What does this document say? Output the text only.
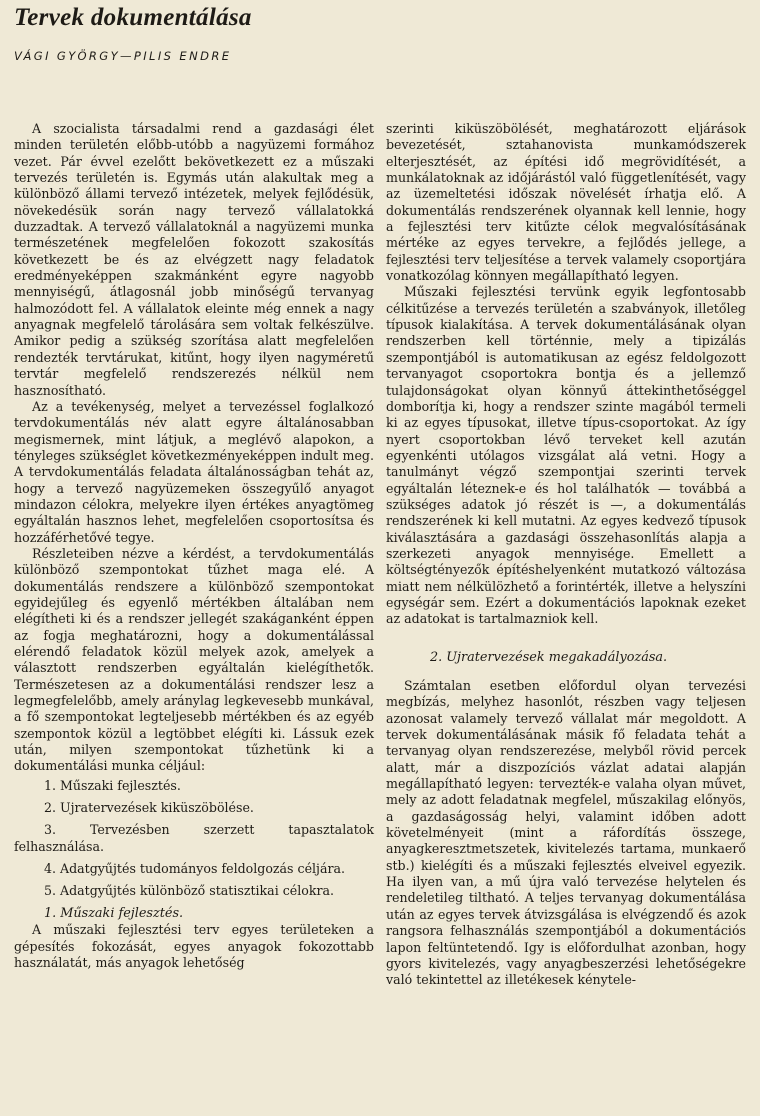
Tervek dokumentálása
VÁGI GYÖRGY—PILIS ENDRE

A szocialista társadalmi rend a gazdasági élet minden területén előbb-utóbb a nagyüzemi formához vezet. Pár évvel ezelőtt bekövetkezett ez a műszaki tervezés területén is. Egymás után alakultak meg a különböző állami tervező intézetek, melyek fejlődésük, növekedésük során nagy tervező vállalatokká duzzadtak. A tervező vállalatoknál a nagyüzemi munka természetének megfelelően fokozott szakosítás következett be és az elvégzett nagy feladatok eredményeképpen szakmánként egyre nagyobb mennyiségű, átlagosnál jobb minőségű tervanyag halmozódott fel. A vállalatok eleinte még ennek a nagy anyagnak megfelelő tárolására sem voltak felkészülve. Amikor pedig a szükség szorítása alatt megfelelően rendezték tervtárukat, kitűnt, hogy ilyen nagyméretű tervtár megfelelő rendszerezés nélkül nem hasznosítható.

Az a tevékenység, melyet a tervezéssel foglalkozó tervdokumentálás név alatt egyre általánosabban megismernek, mint látjuk, a meglévő alapokon, a tényleges szükséglet következményeképpen indult meg. A tervdokumentálás feladata általánosságban tehát az, hogy a tervező nagyüzemeken összegyűlő anyagot mindazon célokra, melyekre ilyen értékes anyagtömeg egyáltalán hasznos lehet, megfelelően csoportosítsa és hozzáférhetővé tegye.

Részleteiben nézve a kérdést, a tervdokumentálás különböző szempontokat tűzhet maga elé. A dokumentálás rendszere a különböző szempontokat egyidejűleg és egyenlő mértékben általában nem elégítheti ki és a rendszer jellegét szakáganként éppen az fogja meghatározni, hogy a dokumentálással elérendő feladatok közül melyek azok, amelyek a választott rendszerben egyáltalán kielégíthetők. Természetesen az a dokumentálási rendszer lesz a legmegfelelőbb, amely aránylag legkevesebb munkával, a fő szempontokat legteljesebb mértékben és az egyéb szempontok közül a legtöbbet elégíti ki. Lássuk ezek után, milyen szempontokat tűzhetünk ki a dokumentálási munka céljául:

1. Műszaki fejlesztés.
2. Ujratervezések kiküszöbölése.
3. Tervezésben szerzett tapasztalatok felhasználása.
4. Adatgyűjtés tudományos feldolgozás céljára.
5. Adatgyűjtés különböző statisztikai célokra.

1. Műszaki fejlesztés.

A műszaki fejlesztési terv egyes területeken a gépesítés fokozását, egyes anyagok fokozottabb használatát, más anyagok lehetőség

szerinti kiküszöbölését, meghatározott eljárások bevezetését, sztahanovista munkamódszerek elterjesztését, az építési idő megrövidítését, a munkálatoknak az időjárástól való függetlenítését, vagy az üzemeltetési időszak növelését írhatja elő. A dokumentálás rendszerének olyannak kell lennie, hogy a fejlesztési terv kitűzte célok megvalósításának mértéke az egyes tervekre, a fejlődés jellege, a fejlesztési terv teljesítése a tervek valamely csoportjára vonatkozólag könnyen megállapítható legyen.

Műszaki fejlesztési tervünk egyik legfontosabb célkitűzése a tervezés területén a szabványok, illetőleg típusok kialakítása. A tervek dokumentálásának olyan rendszerben kell történnie, mely a tipizálás szempontjából is automatikusan az egész feldolgozott tervanyagot csoportokra bontja és a jellemző tulajdonságokat olyan könnyű áttekinthetőséggel domborítja ki, hogy a rendszer szinte magából termeli ki az egyes típusokat, illetve típus-csoportokat. Az így nyert csoportokban lévő terveket kell azután egyenkénti utólagos vizsgálat alá vetni. Hogy a tanulmányt végző szempontjai szerinti tervek egyáltalán léteznek-e és hol találhatók — továbbá a szükséges adatok jó részét is —, a dokumentálás rendszerének ki kell mutatni. Az egyes kedvező típusok kiválasztására a gazdasági összehasonlítás alapja a szerkezeti anyagok mennyisége. Emellett a költségtényezők építéshelyenként mutatkozó változása miatt nem nélkülözhető a forintérték, illetve a helyszíni egységár sem. Ezért a dokumentációs lapoknak ezeket az adatokat is tartalmazniok kell.

2. Ujratervezések megakadályozása.

Számtalan esetben előfordul olyan tervezési megbízás, melyhez hasonlót, részben vagy teljesen azonosat valamely tervező vállalat már megoldott. A tervek dokumentálásának másik fő feladata tehát a tervanyag olyan rendszerezése, melyből rövid percek alatt, már a diszpozíciós vázlat adatai alapján megállapítható legyen: tervezték-e valaha olyan művet, mely az adott feladatnak megfelel, műszakilag előnyös, a gazdaságosság helyi, valamint időben adott követelményeit (mint a ráfordítás összege, anyagkeresztmetszetek, kivitelezés tartama, munkaerő stb.) kielégíti és a műszaki fejlesztés elveivel egyezik. Ha ilyen van, a mű újra való tervezése helytelen és rendeletileg tiltható. A teljes tervanyag dokumentálása után az egyes tervek átvizsgálása is elvégzendő és azok rangsora felhasználás szempontjából a dokumentációs lapon feltüntetendő. Igy is előfordulhat azonban, hogy gyors kivitelezés, vagy anyagbeszerzési lehetőségekre való tekintettel az illetékesek kénytele-
